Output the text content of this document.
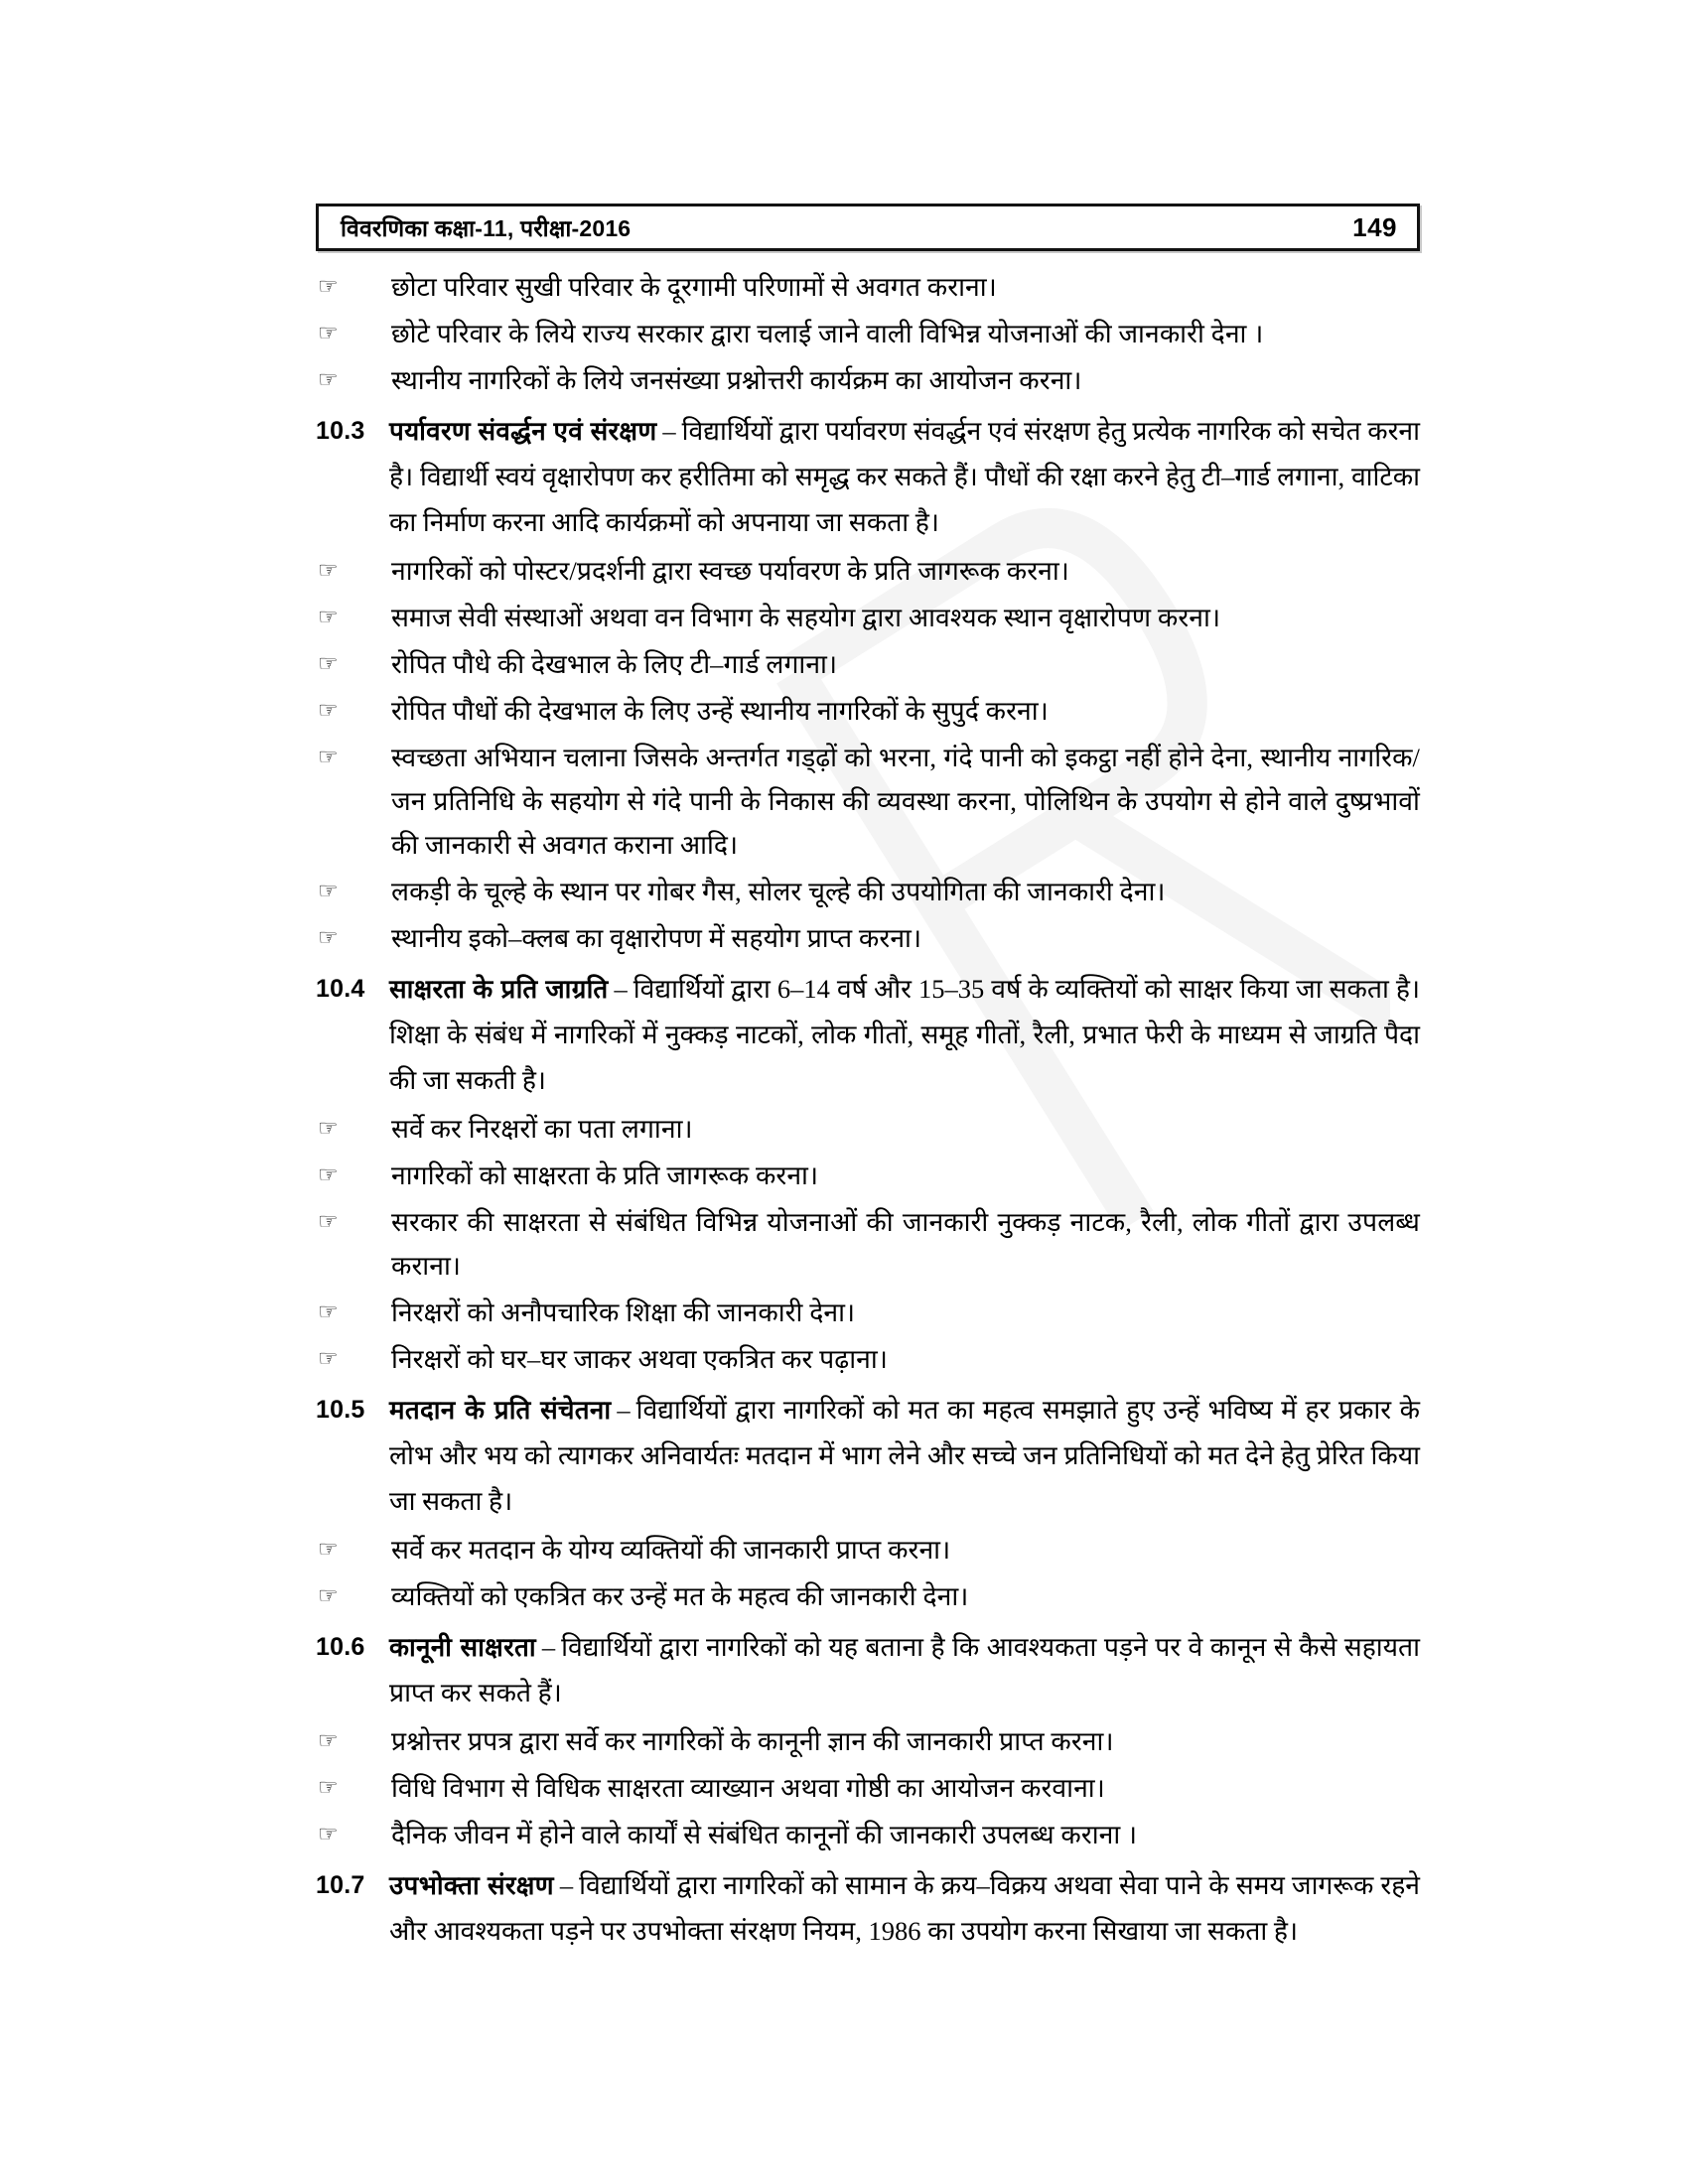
विवरणिका कक्षा-11, परीक्षा-2016	149
☞	छोटा परिवार सुखी परिवार के दूरगामी परिणामों से अवगत कराना।
☞	छोटे परिवार के लिये राज्य सरकार द्वारा चलाई जाने वाली विभिन्न योजनाओं की जानकारी देना ।
☞	स्थानीय नागरिकों के लिये जनसंख्या प्रश्नोत्तरी कार्यक्रम का आयोजन करना।
10.3 पर्यावरण संवर्द्धन एवं संरक्षण – विद्यार्थियों द्वारा पर्यावरण संवर्द्धन एवं संरक्षण हेतु प्रत्येक नागरिक को सचेत करना है। विद्यार्थी स्वयं वृक्षारोपण कर हरीतिमा को समृद्ध कर सकते हैं। पौधों की रक्षा करने हेतु टी–गार्ड लगाना, वाटिका का निर्माण करना आदि कार्यक्रमों को अपनाया जा सकता है।
☞	नागरिकों को पोस्टर/प्रदर्शनी द्वारा स्वच्छ पर्यावरण के प्रति जागरूक करना।
☞	समाज सेवी संस्थाओं अथवा वन विभाग के सहयोग द्वारा आवश्यक स्थान वृक्षारोपण करना।
☞	रोपित पौधे की देखभाल के लिए टी–गार्ड लगाना।
☞	रोपित पौधों की देखभाल के लिए उन्हें स्थानीय नागरिकों के सुपुर्द करना।
☞	स्वच्छता अभियान चलाना जिसके अन्तर्गत गड्ढ़ों को भरना, गंदे पानी को इकट्ठा नहीं होने देना, स्थानीय नागरिक/जन प्रतिनिधि के सहयोग से गंदे पानी के निकास की व्यवस्था करना, पोलिथिन के उपयोग से होने वाले दुष्प्रभावों की जानकारी से अवगत कराना आदि।
☞	लकड़ी के चूल्हे के स्थान पर गोबर गैस, सोलर चूल्हे की उपयोगिता की जानकारी देना।
☞	स्थानीय इको–क्लब का वृक्षारोपण में सहयोग प्राप्त करना।
10.4 साक्षरता के प्रति जाग्रति – विद्यार्थियों द्वारा 6–14 वर्ष और 15–35 वर्ष के व्यक्तियों को साक्षर किया जा सकता है। शिक्षा के संबंध में नागरिकों में नुक्कड़ नाटकों, लोक गीतों, समूह गीतों, रैली, प्रभात फेरी के माध्यम से जाग्रति पैदा की जा सकती है।
☞	सर्वे कर निरक्षरों का पता लगाना।
☞	नागरिकों को साक्षरता के प्रति जागरूक करना।
☞	सरकार की साक्षरता से संबंधित विभिन्न योजनाओं की जानकारी नुक्कड़ नाटक, रैली, लोक गीतों द्वारा उपलब्ध कराना।
☞	निरक्षरों को अनौपचारिक शिक्षा की जानकारी देना।
☞	निरक्षरों को घर–घर जाकर अथवा एकत्रित कर पढ़ाना।
10.5 मतदान के प्रति संचेतना – विद्यार्थियों द्वारा नागरिकों को मत का महत्व समझाते हुए उन्हें भविष्य में हर प्रकार के लोभ और भय को त्यागकर अनिवार्यतः मतदान में भाग लेने और सच्चे जन प्रतिनिधियों को मत देने हेतु प्रेरित किया जा सकता है।
☞	सर्वे कर मतदान के योग्य व्यक्तियों की जानकारी प्राप्त करना।
☞	व्यक्तियों को एकत्रित कर उन्हें मत के महत्व की जानकारी देना।
10.6 कानूनी साक्षरता – विद्यार्थियों द्वारा नागरिकों को यह बताना है कि आवश्यकता पड़ने पर वे कानून से कैसे सहायता प्राप्त कर सकते हैं।
☞	प्रश्नोत्तर प्रपत्र द्वारा सर्वे कर नागरिकों के कानूनी ज्ञान की जानकारी प्राप्त करना।
☞	विधि विभाग से विधिक साक्षरता व्याख्यान अथवा गोष्ठी का आयोजन करवाना।
☞	दैनिक जीवन में होने वाले कार्यों से संबंधित कानूनों की जानकारी उपलब्ध कराना ।
10.7 उपभोक्ता संरक्षण – विद्यार्थियों द्वारा नागरिकों को सामान के क्रय–विक्रय अथवा सेवा पाने के समय जागरूक रहने और आवश्यकता पड़ने पर उपभोक्ता संरक्षण नियम, 1986 का उपयोग करना सिखाया जा सकता है।
